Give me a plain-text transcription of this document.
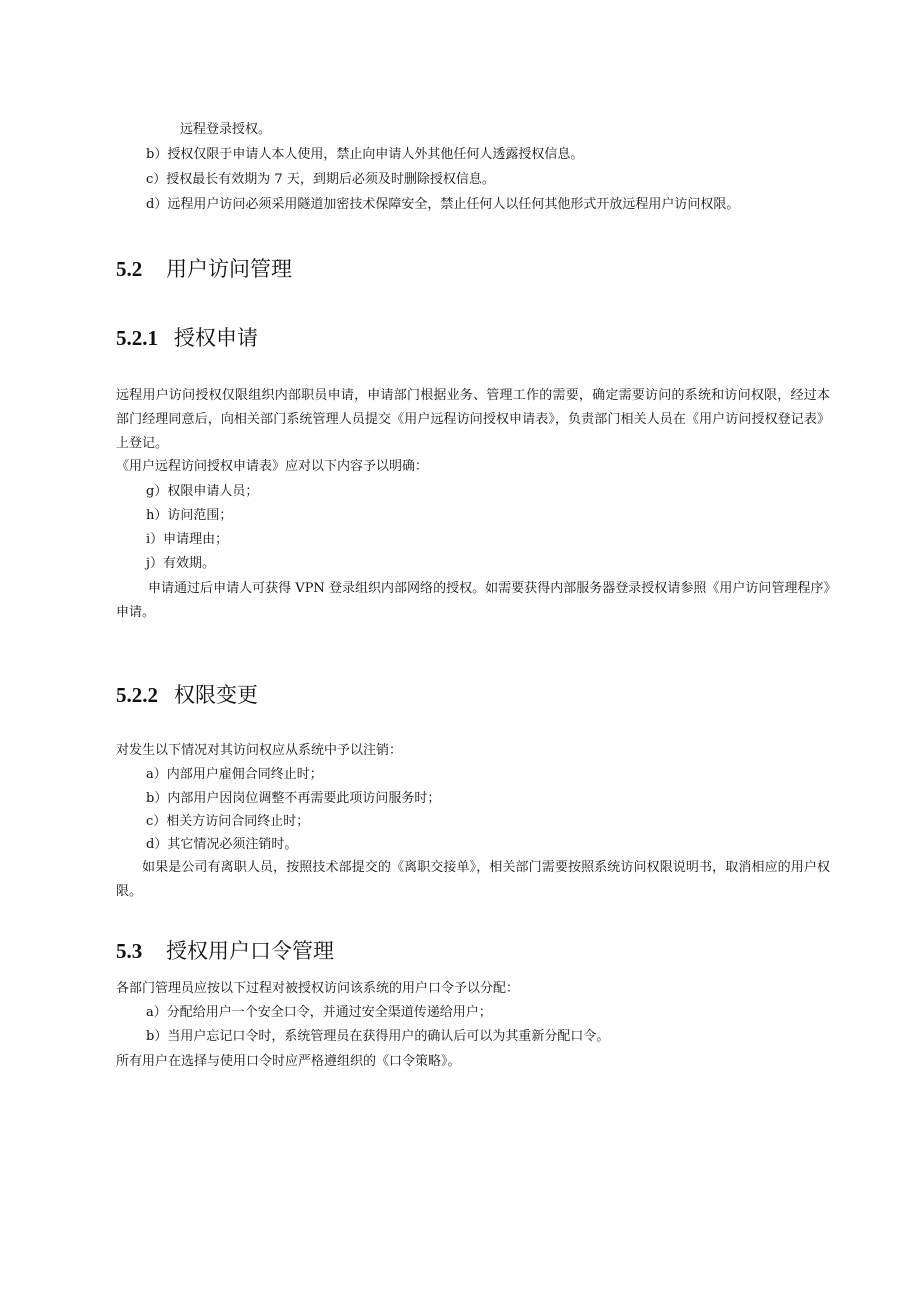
远程登录授权。

b）授权仅限于申请人本人使用，禁止向申请人外其他任何人透露授权信息。

c）授权最长有效期为 7 天，到期后必须及时删除授权信息。

d）远程用户访问必须采用隧道加密技术保障安全，禁止任何人以任何其他形式开放远程用户访问权限。

5.2 用户访问管理
5.2.1 授权申请

远程用户访问授权仅限组织内部职员申请，申请部门根据业务、管理工作的需要，确定需要访问的系统和访问权限，经过本部门经理同意后，向相关部门系统管理人员提交《用户远程访问授权申请表》，负责部门相关人员在《用户访问授权登记表》上登记。

《用户远程访问授权申请表》应对以下内容予以明确：

g）权限申请人员；

h）访问范围；

i）申请理由；

j）有效期。

申请通过后申请人可获得 VPN 登录组织内部网络的授权。如需要获得内部服务器登录授权请参照《用户访问管理程序》申请。

5.2.2 权限变更

对发生以下情况对其访问权应从系统中予以注销：

a）内部用户雇佣合同终止时；

b）内部用户因岗位调整不再需要此项访问服务时；

c）相关方访问合同终止时；

d）其它情况必须注销时。

如果是公司有离职人员，按照技术部提交的《离职交接单》，相关部门需要按照系统访问权限说明书，取消相应的用户权限。

5.3 授权用户口令管理

各部门管理员应按以下过程对被授权访问该系统的用户口令予以分配：

a）分配给用户一个安全口令，并通过安全渠道传递给用户；

b）当用户忘记口令时，系统管理员在获得用户的确认后可以为其重新分配口令。

所有用户在选择与使用口令时应严格遵组织的《口令策略》。
